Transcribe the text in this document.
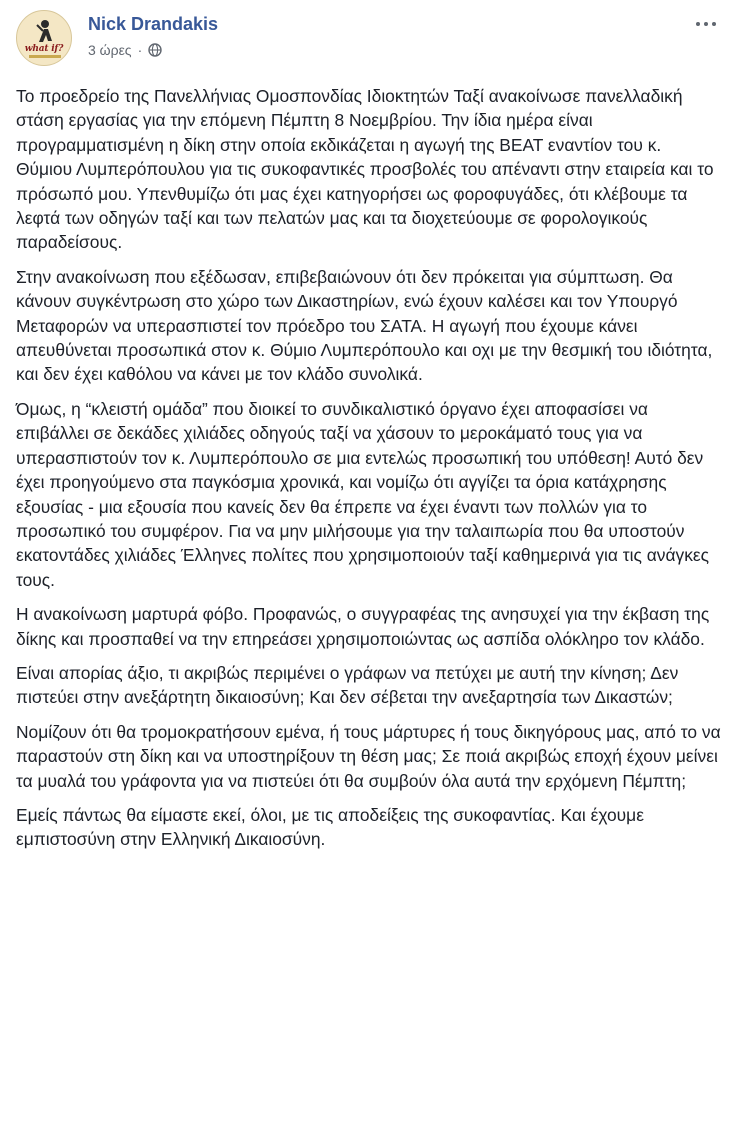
what if?
Nick Drandakis
3 ώρες ·

Το προεδρείο της Πανελλήνιας Ομοσπονδίας Ιδιοκτητών Ταξί ανακοίνωσε πανελλαδική στάση εργασίας για την επόμενη Πέμπτη 8 Νοεμβρίου. Την ίδια ημέρα είναι προγραμματισμένη η δίκη στην οποία εκδικάζεται η αγωγή της BEAT εναντίον του κ. Θύμιου Λυμπερόπουλου για τις συκοφαντικές προσβολές του απέναντι στην εταιρεία και το πρόσωπό μου. Υπενθυμίζω ότι μας έχει κατηγορήσει ως φοροφυγάδες, ότι κλέβουμε τα λεφτά των οδηγών ταξί και των πελατών μας και τα διοχετεύουμε σε φορολογικούς παραδείσους.

Στην ανακοίνωση που εξέδωσαν, επιβεβαιώνουν ότι δεν πρόκειται για σύμπτωση. Θα κάνουν συγκέντρωση στο χώρο των Δικαστηρίων, ενώ έχουν καλέσει και τον Υπουργό Μεταφορών να υπερασπιστεί τον πρόεδρο του ΣΑΤΑ. Η αγωγή που έχουμε κάνει απευθύνεται προσωπικά στον κ. Θύμιο Λυμπερόπουλο και οχι με την θεσμική του ιδιότητα, και δεν έχει καθόλου να κάνει με τον κλάδο συνολικά.

Όμως, η “κλειστή ομάδα” που διοικεί το συνδικαλιστικό όργανο έχει αποφασίσει να επιβάλλει σε δεκάδες χιλιάδες οδηγούς ταξί να χάσουν το μεροκάματό τους για να υπερασπιστούν τον κ. Λυμπερόπουλο σε μια εντελώς προσωπική του υπόθεση! Αυτό δεν έχει προηγούμενο στα παγκόσμια χρονικά, και νομίζω ότι αγγίζει τα όρια κατάχρησης εξουσίας - μια εξουσία που κανείς δεν θα έπρεπε να έχει έναντι των πολλών για το προσωπικό του συμφέρον. Για να μην μιλήσουμε για την ταλαιπωρία που θα υποστούν εκατοντάδες χιλιάδες Έλληνες πολίτες που χρησιμοποιούν ταξί καθημερινά για τις ανάγκες τους.

Η ανακοίνωση μαρτυρά φόβο. Προφανώς, ο συγγραφέας της ανησυχεί για την έκβαση της δίκης και προσπαθεί να την επηρεάσει χρησιμοποιώντας ως ασπίδα ολόκληρο τον κλάδο.

Είναι απορίας άξιο, τι ακριβώς περιμένει ο γράφων να πετύχει με αυτή την κίνηση; Δεν πιστεύει στην ανεξάρτητη δικαιοσύνη; Και δεν σέβεται την ανεξαρτησία των Δικαστών;

Νομίζουν ότι θα τρομοκρατήσουν εμένα, ή τους μάρτυρες ή τους δικηγόρους μας, από το να παραστούν στη δίκη και να υποστηρίξουν τη θέση μας; Σε ποιά ακριβώς εποχή έχουν μείνει τα μυαλά του γράφοντα για να πιστεύει ότι θα συμβούν όλα αυτά την ερχόμενη Πέμπτη;

Εμείς πάντως θα είμαστε εκεί, όλοι, με τις αποδείξεις της συκοφαντίας. Και έχουμε εμπιστοσύνη στην Ελληνική Δικαιοσύνη.
